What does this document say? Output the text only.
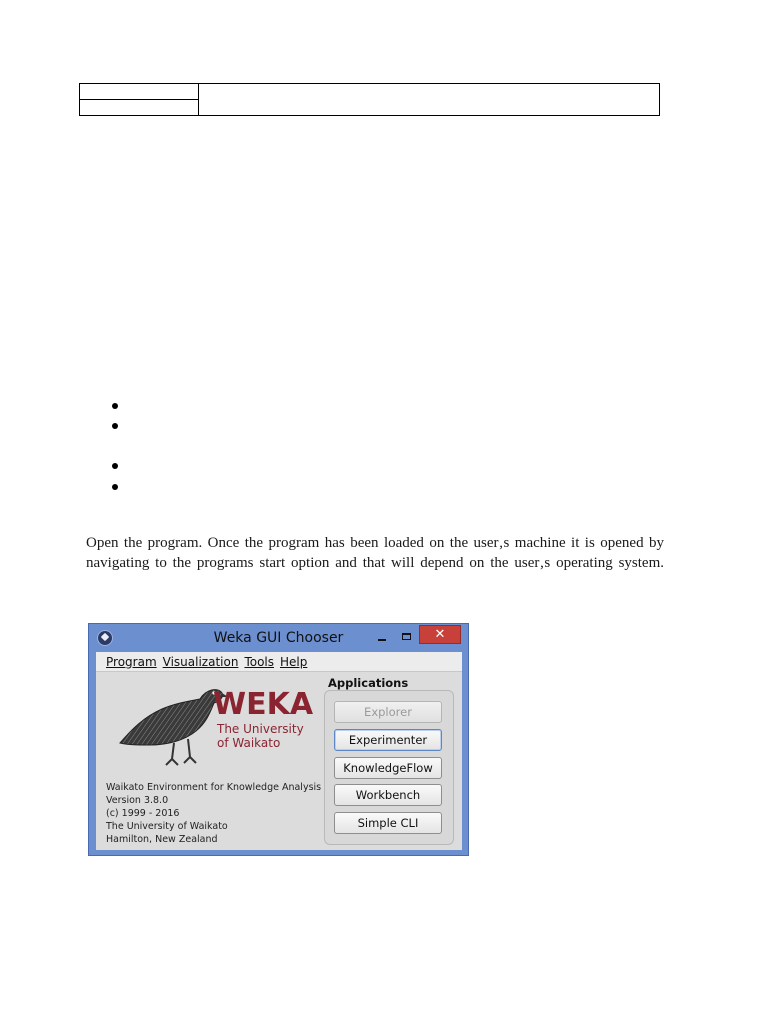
Open the program. Once the program has been loaded on the user‚s machine it is opened by
navigating to the programs start option and that will depend on the user‚s operating system.
Weka GUI Chooser	✕
Program Visualization Tools Help
WEKA
The University
of Waikato
Waikato Environment for Knowledge Analysis
Version 3.8.0
(c) 1999 - 2016
The University of Waikato
Hamilton, New Zealand
Applications
Explorer
Experimenter
KnowledgeFlow
Workbench
Simple CLI
